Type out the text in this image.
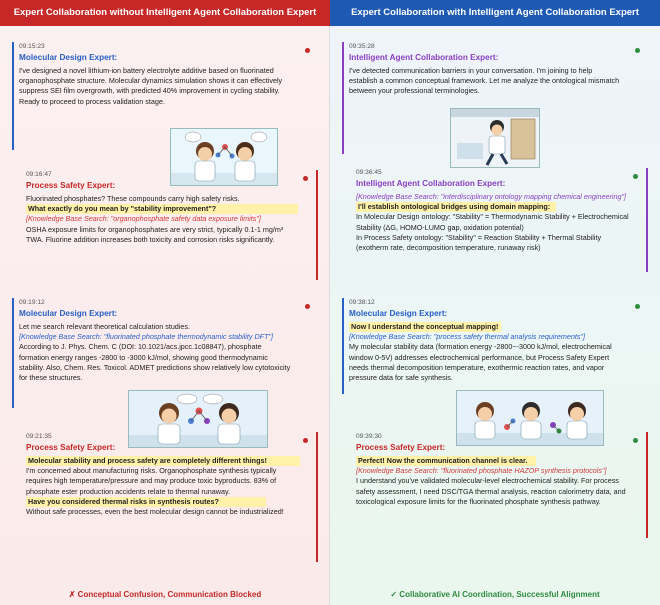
Expert Collaboration without Intelligent Agent Collaboration Expert
09:15:23
Molecular Design Expert:
I've designed a novel lithium-ion battery electrolyte additive based on fluorinated organophosphate structure. Molecular dynamics simulation shows it can effectively suppress SEI film overgrowth, with predicted 40% improvement in cycling stability. Ready to proceed to process validation stage.
09:16:47
Process Safety Expert:
Fluorinated phosphates? These compounds carry high safety risks.
What exactly do you mean by "stability improvement"?
[Knowledge Base Search: "organophosphate safety data exposure limits"]
OSHA exposure limits for organophosphates are very strict, typically 0.1-1 mg/m³ TWA. Fluorine addition increases both toxicity and corrosion risks significantly.
09:19:12
Molecular Design Expert:
Let me search relevant theoretical calculation studies.
[Knowledge Base Search: "fluorinated phosphate thermodynamic stability DFT"]
According to J. Phys. Chem. C (DOI: 10.1021/acs.jpcc.1c08847), phosphate formation energy ranges -2800 to -3000 kJ/mol, showing good thermodynamic stability. Also, Chem. Res. Toxicol. ADMET predictions show relatively low cytotoxicity for these structures.
09:21:35
Process Safety Expert:
Molecular stability and process safety are completely different things!
I'm concerned about manufacturing risks. Organophosphate synthesis typically requires high temperature/pressure and may produce toxic byproducts. 83% of phosphate ester production accidents relate to thermal runaway.
Have you considered thermal risks in synthesis routes?
Without safe processes, even the best molecular design cannot be industrialized!
✗ Conceptual Confusion, Communication Blocked
Expert Collaboration with Intelligent Agent Collaboration Expert
09:35:28
Intelligent Agent Collaboration Expert:
I've detected communication barriers in your conversation. I'm joining to help establish a common conceptual framework. Let me analyze the ontological mismatch between your professional terminologies.
09:36:45
Intelligent Agent Collaboration Expert:
[Knowledge Base Search: "interdisciplinary ontology mapping chemical engineering"]
I'll establish ontological bridges using domain mapping:
In Molecular Design ontology: "Stability" = Thermodynamic Stability + Electrochemical Stability (ΔG, HOMO-LUMO gap, oxidation potential)
In Process Safety ontology: "Stability" = Reaction Stability + Thermal Stability (exotherm rate, decomposition temperature, runaway risk)
09:38:12
Molecular Design Expert:
Now I understand the conceptual mapping!
[Knowledge Base Search: "process safety thermal analysis requirements"]
My molecular stability data (formation energy -2800~-3000 kJ/mol, electrochemical window 0-5V) addresses electrochemical performance, but Process Safety Expert needs thermal decomposition temperature, exothermic reaction rates, and vapor pressure data for safe synthesis.
09:39:30
Process Safety Expert:
Perfect! Now the communication channel is clear.
[Knowledge Base Search: "fluorinated phosphate HAZOP synthesis protocols"]
I understand you've validated molecular-level electrochemical stability. For process safety assessment, I need DSC/TGA thermal analysis, reaction calorimetry data, and toxicological exposure limits for the fluorinated phosphate synthesis pathway.
✓ Collaborative AI Coordination, Successful Alignment
